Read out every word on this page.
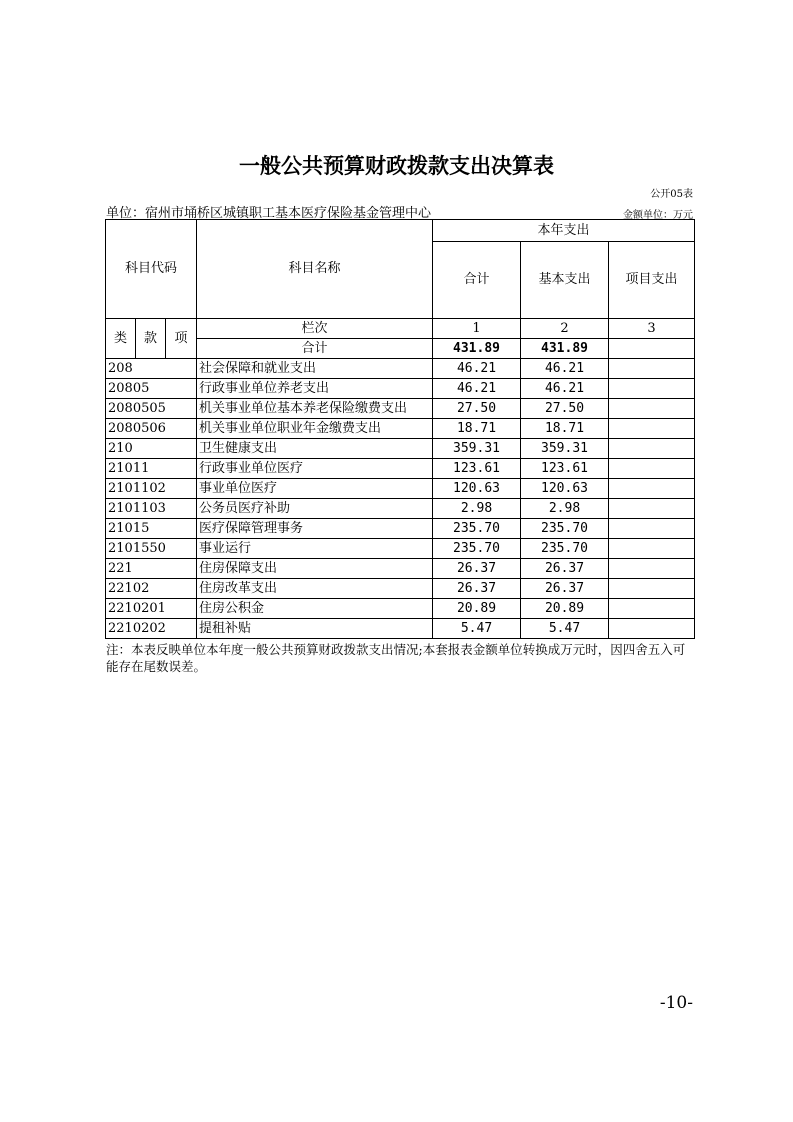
一般公共预算财政拨款支出决算表
公开05表
单位：宿州市埇桥区城镇职工基本医疗保险基金管理中心	金额单位：万元
科目代码			科目名称	本年支出		
				合计	基本支出	项目支出
类	款	项	栏次	1	2	3
			合计	431.89	431.89	
208			社会保障和就业支出	46.21	46.21	
20805			行政事业单位养老支出	46.21	46.21	
2080505			机关事业单位基本养老保险缴费支出	27.50	27.50	
2080506			机关事业单位职业年金缴费支出	18.71	18.71	
210			卫生健康支出	359.31	359.31	
21011			行政事业单位医疗	123.61	123.61	
2101102			事业单位医疗	120.63	120.63	
2101103			公务员医疗补助	2.98	2.98	
21015			医疗保障管理事务	235.70	235.70	
2101550			事业运行	235.70	235.70	
221			住房保障支出	26.37	26.37	
22102			住房改革支出	26.37	26.37	
2210201			住房公积金	20.89	20.89	
2210202			提租补贴	5.47	5.47	
注：本表反映单位本年度一般公共预算财政拨款支出情况;本套报表金额单位转换成万元时，因四舍五入可能存在尾数误差。
-10-
